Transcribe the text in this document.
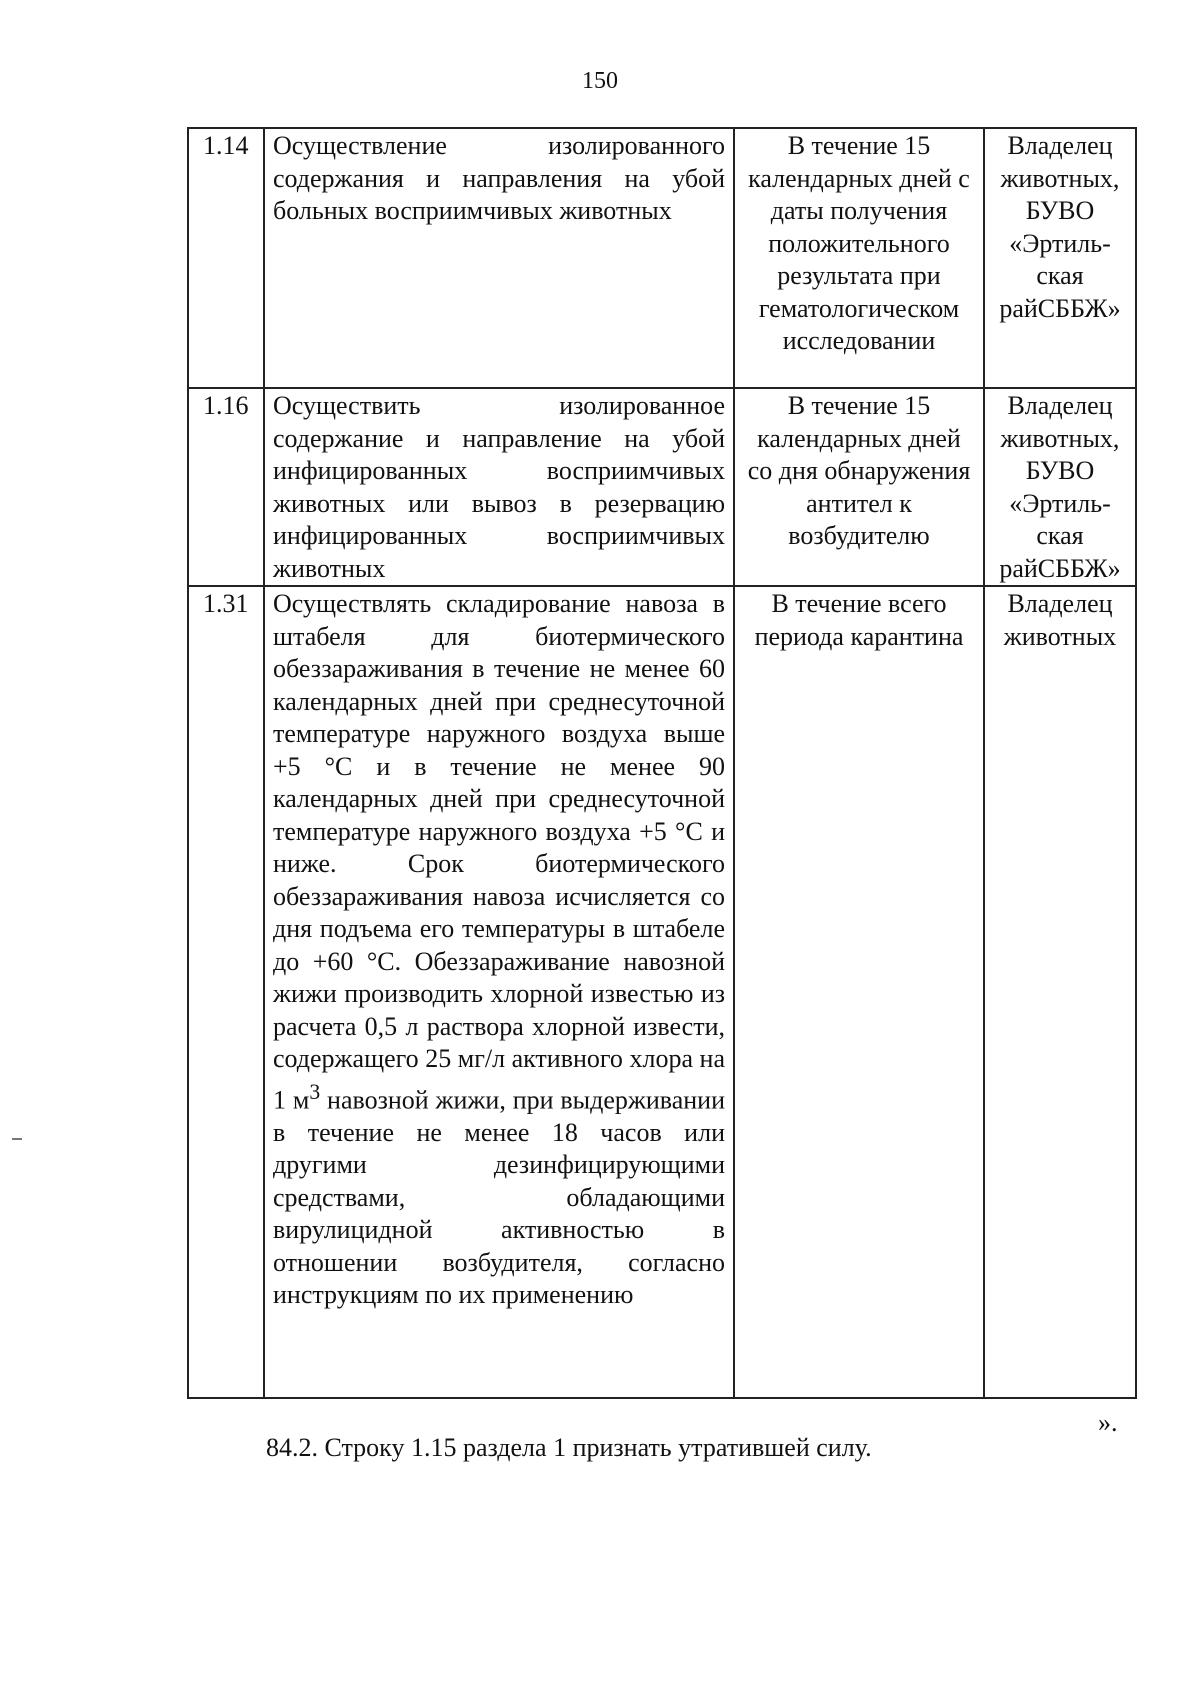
150
1.14	Осуществление изолированного содержания и направления на убой больных восприимчивых животных	В течение 15 календарных дней с даты получения положительного результата при гематологическом исследовании	Владелец животных, БУВО «Эртиль-ская райСББЖ»
1.16	Осуществить изолированное содержание и направление на убой инфицированных восприимчивых животных или вывоз в резервацию инфицированных восприимчивых животных	В течение 15 календарных дней со дня обнаружения антител к возбудителю	Владелец животных, БУВО «Эртиль-ская райСББЖ»
1.31	Осуществлять складирование навоза в штабеля для биотермического обеззараживания в течение не менее 60 календарных дней при среднесуточной температуре наружного воздуха выше +5 °С и в течение не менее 90 календарных дней при среднесуточной температуре наружного воздуха +5 °С и ниже. Срок биотермического обеззараживания навоза исчисляется со дня подъема его температуры в штабеле до +60 °С. Обеззараживание навозной жижи производить хлорной известью из расчета 0,5 л раствора хлорной извести, содержащего 25 мг/л активного хлора на 1 $м^3$ навозной жижи, при выдерживании в течение не менее 18 часов или другими дезинфицирующими средствами, обладающими вирулицидной активностью в отношении возбудителя, согласно инструкциям по их применению	В течение всего периода карантина	Владелец животных
».
84.2. Строку 1.15 раздела 1 признать утратившей силу.
